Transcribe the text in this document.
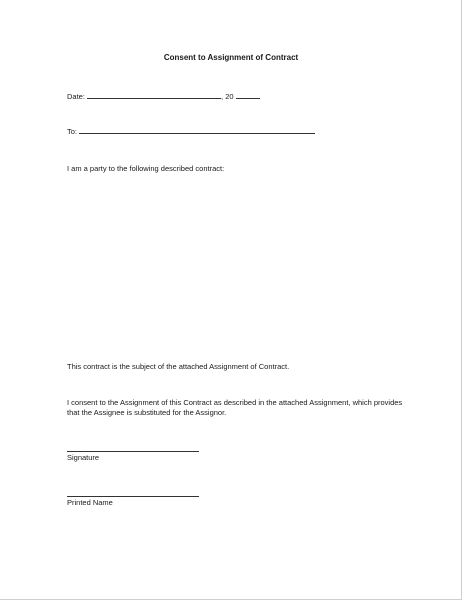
Consent to Assignment of Contract
Date:	, 20
To:
I am a party to the following described contract:
This contract is the subject of the attached Assignment of Contract.
I consent to the Assignment of this Contract as described in the attached Assignment, which provides that the Assignee is substituted for the Assignor.
Signature
Printed Name
